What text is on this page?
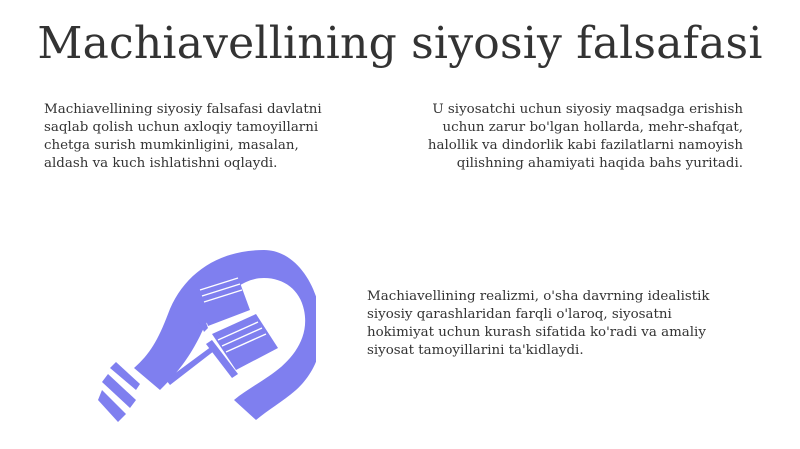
Machiavellining siyosiy falsafasi
Machiavellining siyosiy falsafasi davlatni
saqlab qolish uchun axloqiy tamoyillarni
chetga surish mumkinligini, masalan,
aldash va kuch ishlatishni oqlaydi.
U siyosatchi uchun siyosiy maqsadga erishish
uchun zarur bo'lgan hollarda, mehr-shafqat,
halollik va dindorlik kabi fazilatlarni namoyish
qilishning ahamiyati haqida bahs yuritadi.
Machiavellining realizmi, o'sha davrning idealistik
siyosiy qarashlaridan farqli o'laroq, siyosatni
hokimiyat uchun kurash sifatida ko'radi va amaliy
siyosat tamoyillarini ta'kidlaydi.
